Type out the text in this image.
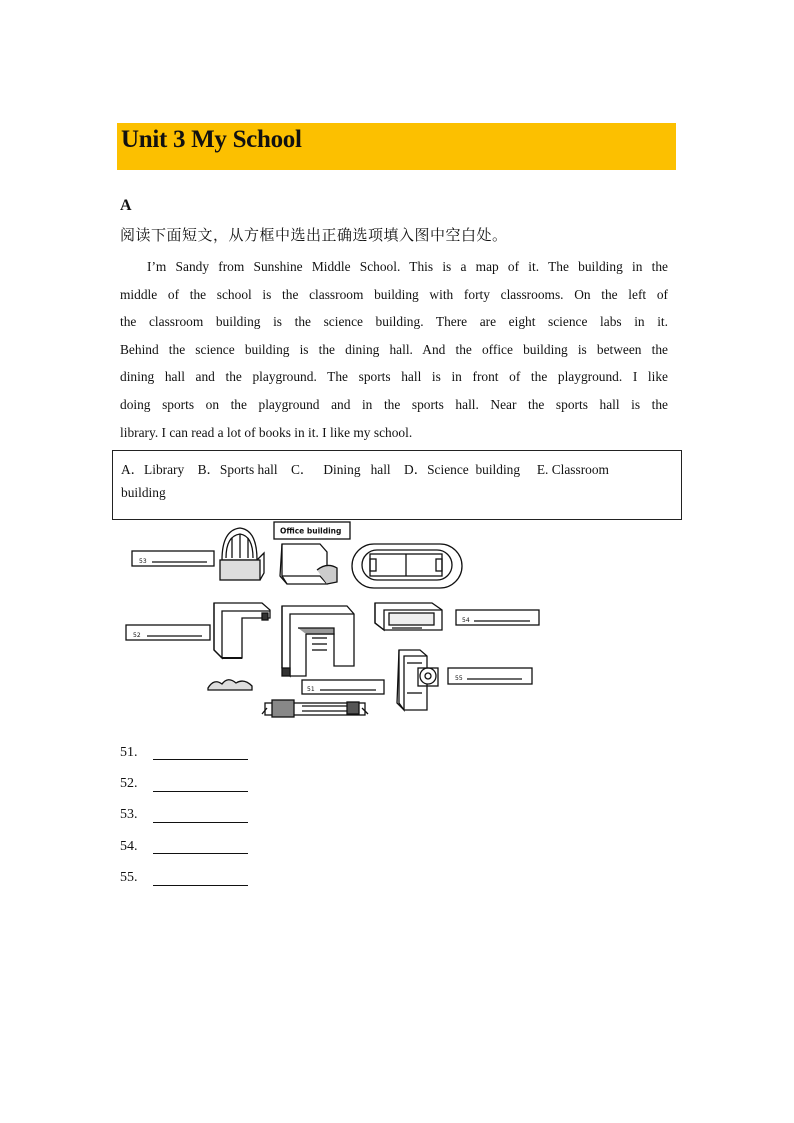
Unit 3 My School
A
阅读下面短文，从方框中选出正确选项填入图中空白处。
I’m Sandy from Sunshine Middle School. This is a map of it. The building in the
middle of the school is the classroom building with forty classrooms. On the left of
the classroom building is the science building. There are eight science labs in it.
Behind the science building is the dining hall. And the office building is between the
dining hall and the playground. The sports hall is in front of the playground. I like
doing sports on the playground and in the sports hall. Near the sports hall is the
library. I can read a lot of books in it. I like my school.
A．Library    B．Sports hall    C．   Dining   hall    D．Science  building     E. Classroom
building
53
Office building
52
54
55
51
51.
52.
53.
54.
55.
